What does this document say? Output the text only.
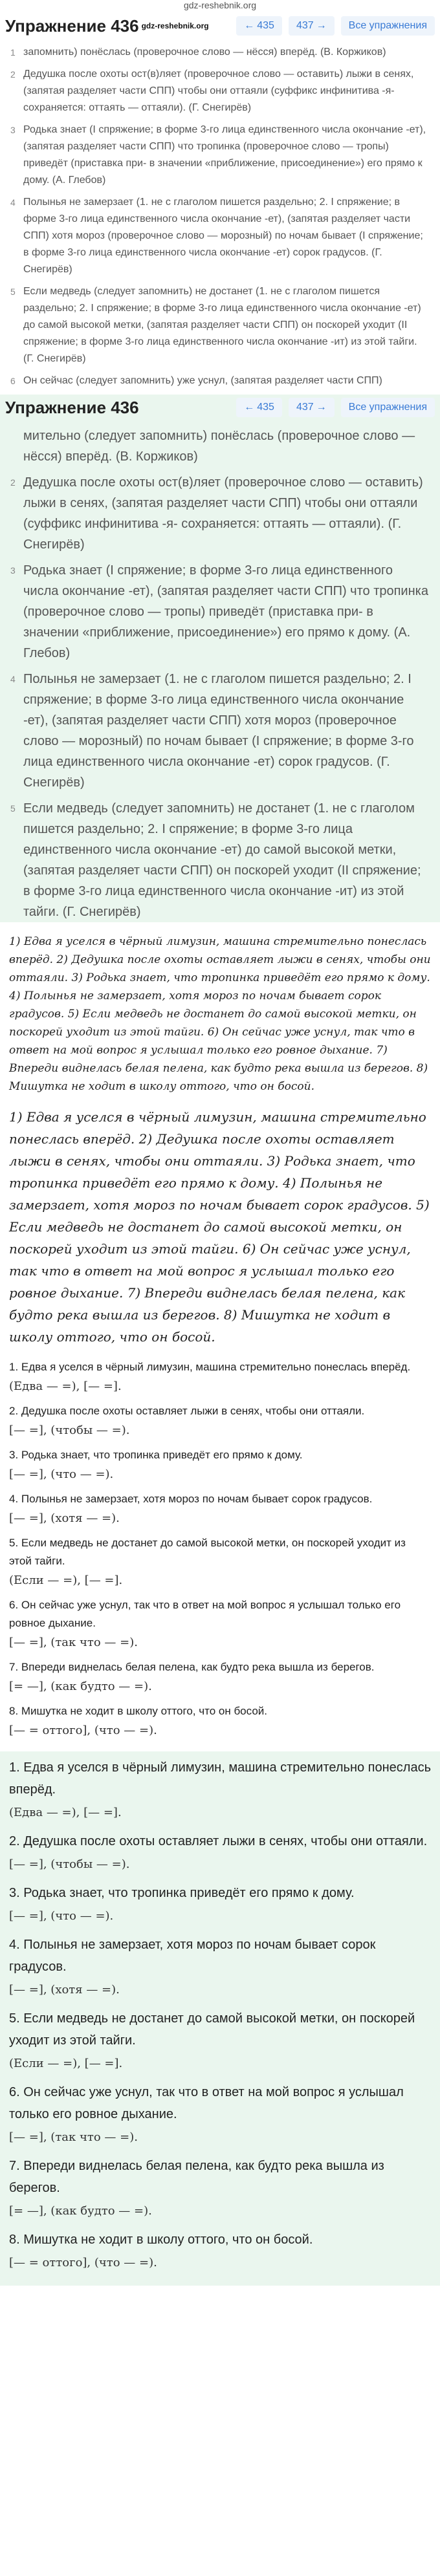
gdz-reshebnik.org
Упражнение 436 gdz-reshebnik.org	← 435 437 →	Все упражнения
1 запомнить) понёслась (проверочное слово — нёсся) вперёд. (В. Коржиков)
2 Дедушка после охоты ост(в)ляет (проверочное слово — оставить) лыжи в сенях, (запятая разделяет части СПП) чтобы они оттаяли (суффикс инфинитива -я- сохраняется: оттаять — оттаяли). (Г. Снегирёв)
3 Родька знает (I спряжение; в форме 3-го лица единственного числа окончание -ет), (запятая разделяет части СПП) что тропинка (проверочное слово — тропы) приведёт (приставка при- в значении «приближение, присоединение») его прямо к дому. (А. Глебов)
4 Полынья не замерзает (1. не с глаголом пишется раздельно; 2. I спряжение; в форме 3-го лица единственного числа окончание -ет), (запятая разделяет части СПП) хотя мороз (проверочное слово — морозный) по ночам бывает (I спряжение; в форме 3-го лица единственного числа окончание -ет) сорок градусов. (Г. Снегирёв)
5 Если медведь (следует запомнить) не достанет (1. не с глаголом пишется раздельно; 2. I спряжение; в форме 3-го лица единственного числа окончание -ет) до самой высокой метки, (запятая разделяет части СПП) он поскорей уходит (II спряжение; в форме 3-го лица единственного числа окончание -ит) из этой тайги. (Г. Снегирёв)
6 Он сейчас (следует запомнить) уже уснул, (запятая разделяет части СПП)
Упражнение 436	← 435 437 →	Все упражнения
мительно (следует запомнить) понёслась (проверочное слово — нёсся) вперёд. (В. Коржиков)
2 Дедушка после охоты ост(в)ляет (проверочное слово — оставить) лыжи в сенях, (запятая разделяет части СПП) чтобы они оттаяли (суффикс инфинитива -я- сохраняется: оттаять — оттаяли). (Г. Снегирёв)
3 Родька знает (I спряжение; в форме 3-го лица единственного числа окончание -ет), (запятая разделяет части СПП) что тропинка (проверочное слово — тропы) приведёт (приставка при- в значении «приближение, присоединение») его прямо к дому. (А. Глебов)
4 Полынья не замерзает (1. не с глаголом пишется раздельно; 2. I спряжение; в форме 3-го лица единственного числа окончание -ет), (запятая разделяет части СПП) хотя мороз (проверочное слово — морозный) по ночам бывает (I спряжение; в форме 3-го лица единственного числа окончание -ет) сорок градусов. (Г. Снегирёв)
5 Если медведь (следует запомнить) не достанет (1. не с глаголом пишется раздельно; 2. I спряжение; в форме 3-го лица единственного числа окончание -ет) до самой высокой метки, (запятая разделяет части СПП) он поскорей уходит (II спряжение; в форме 3-го лица единственного числа окончание -ит) из этой тайги. (Г. Снегирёв)
1) Едва я уселся в чёрный лимузин, машина стремительно понеслась вперёд. 2) Дедушка после охоты оставляет лыжи в сенях, чтобы они оттаяли. 3) Родька знает, что тропинка приведёт его прямо к дому. 4) Полынья не замерзает, хотя мороз по ночам бывает сорок градусов. 5) Если медведь не достанет до самой высокой метки, он поскорей уходит из этой тайги. 6) Он сейчас уже уснул, так что в ответ на мой вопрос я услышал только его ровное дыхание. 7) Впереди виднелась белая пелена, как будто река вышла из берегов. 8) Мишутка не ходит в школу оттого, что он босой.
1) Едва я уселся в чёрный лимузин, машина стремительно понеслась вперёд. 2) Дедушка после охоты оставляет лыжи в сенях, чтобы они оттаяли. 3) Родька знает, что тропинка приведёт его прямо к дому. 4) Полынья не замерзает, хотя мороз по ночам бывает сорок градусов. 5) Если медведь не достанет до самой высокой метки, он поскорей уходит из этой тайги. 6) Он сейчас уже уснул, так что в ответ на мой вопрос я услышал только его ровное дыхание. 7) Впереди виднелась белая пелена, как будто река вышла из берегов. 8) Мишутка не ходит в школу оттого, что он босой.
1. Едва я уселся в чёрный лимузин, машина стремительно понеслась вперёд.
(Едва — =), [— =].
2. Дедушка после охоты оставляет лыжи в сенях, чтобы они оттаяли.
[— =], (чтобы — =).
3. Родька знает, что тропинка приведёт его прямо к дому.
[— =], (что — =).
4. Полынья не замерзает, хотя мороз по ночам бывает сорок градусов.
[— =], (хотя — =).
5. Если медведь не достанет до самой высокой метки, он поскорей уходит из этой тайги.
(Если — =), [— =].
6. Он сейчас уже уснул, так что в ответ на мой вопрос я услышал только его ровное дыхание.
[— =], (так что — =).
7. Впереди виднелась белая пелена, как будто река вышла из берегов.
[= —], (как будто — =).
8. Мишутка не ходит в школу оттого, что он босой.
[— = оттого], (что — =).
1. Едва я уселся в чёрный лимузин, машина стремительно понеслась вперёд.
(Едва — =), [— =].
2. Дедушка после охоты оставляет лыжи в сенях, чтобы они оттаяли.
[— =], (чтобы — =).
3. Родька знает, что тропинка приведёт его прямо к дому.
[— =], (что — =).
4. Полынья не замерзает, хотя мороз по ночам бывает сорок градусов.
[— =], (хотя — =).
5. Если медведь не достанет до самой высокой метки, он поскорей уходит из этой тайги.
(Если — =), [— =].
6. Он сейчас уже уснул, так что в ответ на мой вопрос я услышал только его ровное дыхание.
[— =], (так что — =).
7. Впереди виднелась белая пелена, как будто река вышла из берегов.
[= —], (как будто — =).
8. Мишутка не ходит в школу оттого, что он босой.
[— = оттого], (что — =).
